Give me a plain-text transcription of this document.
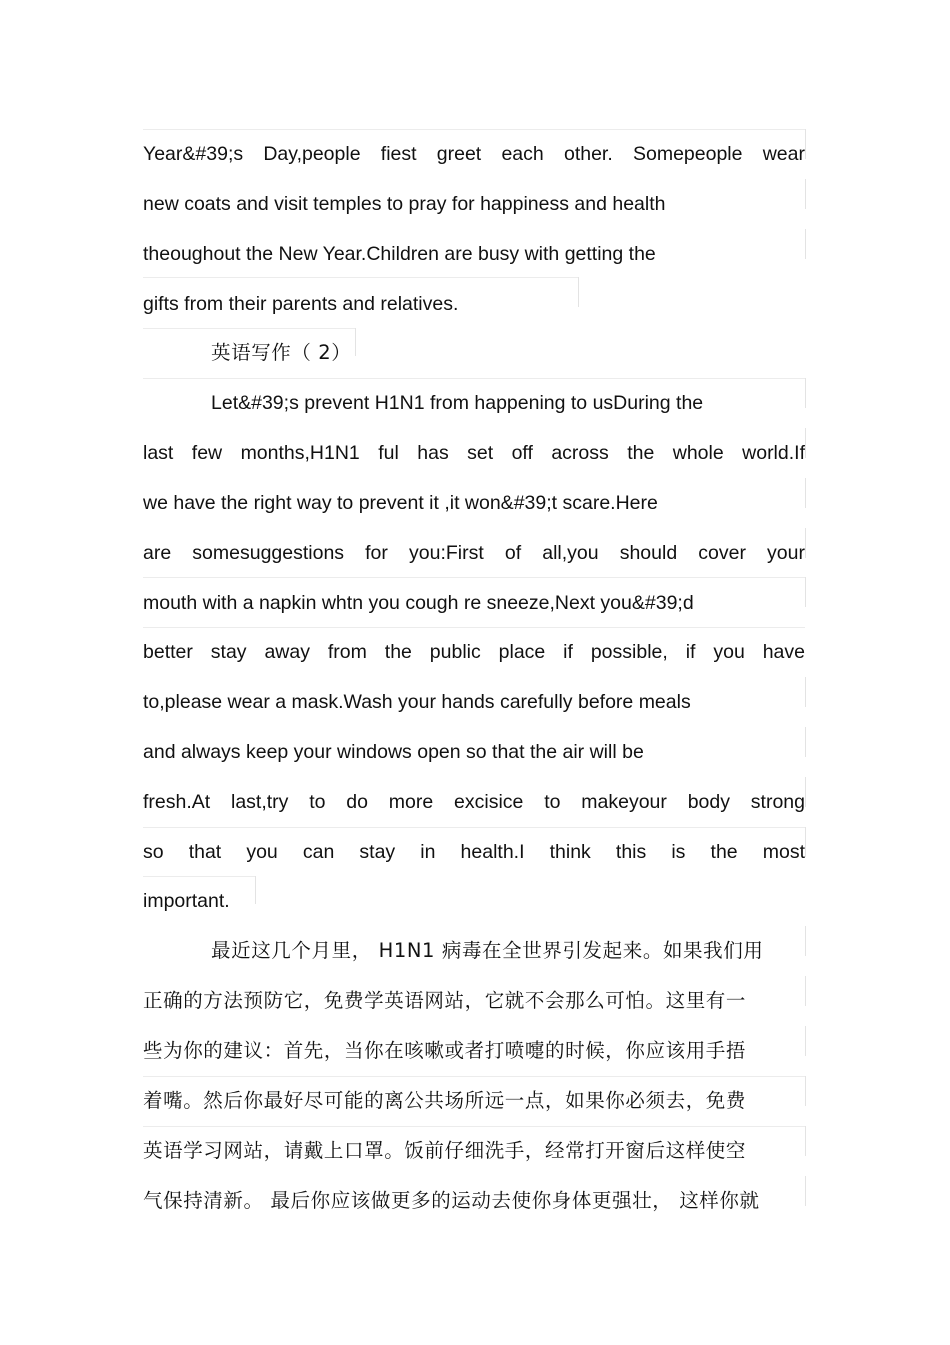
Year&#39;s Day,people fiest greet each other. Somepeople wear
new coats and visit temples to pray for happiness and health
theoughout the New Year.Children are busy with getting the
gifts from their parents and relatives.
英语写作（ 2）
Let&#39;s prevent H1N1 from happening to usDuring the
last few months,H1N1 ful has set off across the whole world.If
we have the right way to prevent it ,it won&#39;t scare.Here
are somesuggestions for you:First of all,you should cover your
mouth with a napkin whtn you cough re sneeze,Next you&#39;d
better stay away from the public place if possible, if you have
to,please wear a mask.Wash your hands carefully before meals
and always keep your windows open so that the air will be
fresh.At last,try to do more excisice to makeyour body strong
so that you can stay in health.I think this is the most
important.
最近这几个月里， H1N1 病毒在全世界引发起来。如果我们用
正确的方法预防它，免费学英语网站，它就不会那么可怕。这里有一
些为你的建议：首先，当你在咳嗽或者打喷嚏的时候，你应该用手捂
着嘴。然后你最好尽可能的离公共场所远一点，如果你必须去，免费
英语学习网站，请戴上口罩。饭前仔细洗手，经常打开窗后这样使空
气保持清新。 最后你应该做更多的运动去使你身体更强壮， 这样你就
